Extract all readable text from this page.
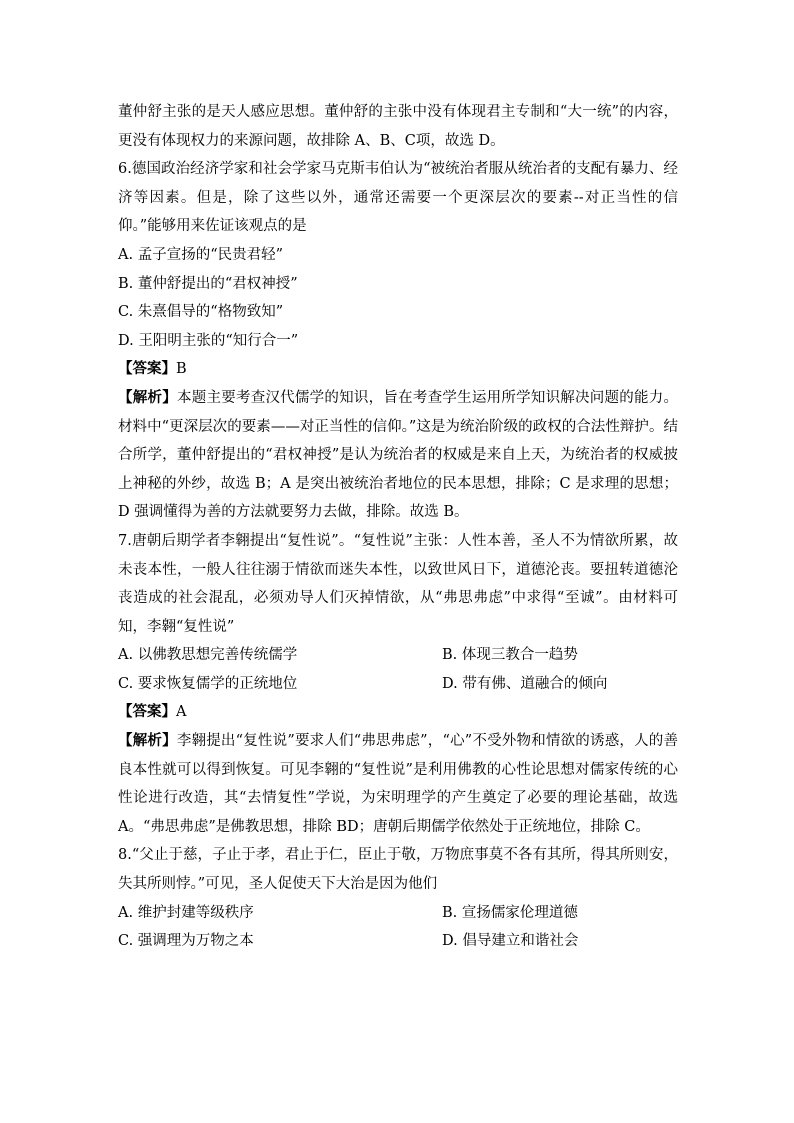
董仲舒主张的是天人感应思想。董仲舒的主张中没有体现君主专制和“大一统”的内容，更没有体现权力的来源问题，故排除 A、B、C项，故选 D。

6.德国政治经济学家和社会学家马克斯韦伯认为“被统治者服从统治者的支配有暴力、经济等因素。但是，除了这些以外，通常还需要一个更深层次的要素--对正当性的信仰。”能够用来佐证该观点的是

A. 孟子宣扬的“民贵君轻”

B. 董仲舒提出的“君权神授”

C. 朱熹倡导的“格物致知”

D. 王阳明主张的“知行合一”

【答案】B

【解析】本题主要考查汉代儒学的知识，旨在考查学生运用所学知识解决问题的能力。材料中“更深层次的要素——对正当性的信仰。”这是为统治阶级的政权的合法性辩护。结合所学，董仲舒提出的“君权神授”是认为统治者的权威是来自上天，为统治者的权威披上神秘的外纱，故选 B；A 是突出被统治者地位的民本思想，排除；C 是求理的思想；D 强调懂得为善的方法就要努力去做，排除。故选 B。

7.唐朝后期学者李翱提出“复性说”。“复性说”主张：人性本善，圣人不为情欲所累，故未丧本性，一般人往往溺于情欲而迷失本性，以致世风日下，道德沦丧。要扭转道德沦丧造成的社会混乱，必须劝导人们灭掉情欲，从“弗思弗虑”中求得“至诚”。由材料可知，李翱“复性说”

A. 以佛教思想完善传统儒学	B. 体现三教合一趋势
C. 要求恢复儒学的正统地位	D. 带有佛、道融合的倾向

【答案】A

【解析】李翱提出“复性说”要求人们“弗思弗虑”，“心”不受外物和情欲的诱惑，人的善良本性就可以得到恢复。可见李翱的“复性说”是利用佛教的心性论思想对儒家传统的心性论进行改造，其“去情复性”学说，为宋明理学的产生奠定了必要的理论基础，故选 A。“弗思弗虑”是佛教思想，排除 BD；唐朝后期儒学依然处于正统地位，排除 C。

8.“父止于慈，子止于孝，君止于仁，臣止于敬，万物庶事莫不各有其所，得其所则安，失其所则悖。”可见，圣人促使天下大治是因为他们

A. 维护封建等级秩序	B. 宣扬儒家伦理道德
C. 强调理为万物之本	D. 倡导建立和谐社会
